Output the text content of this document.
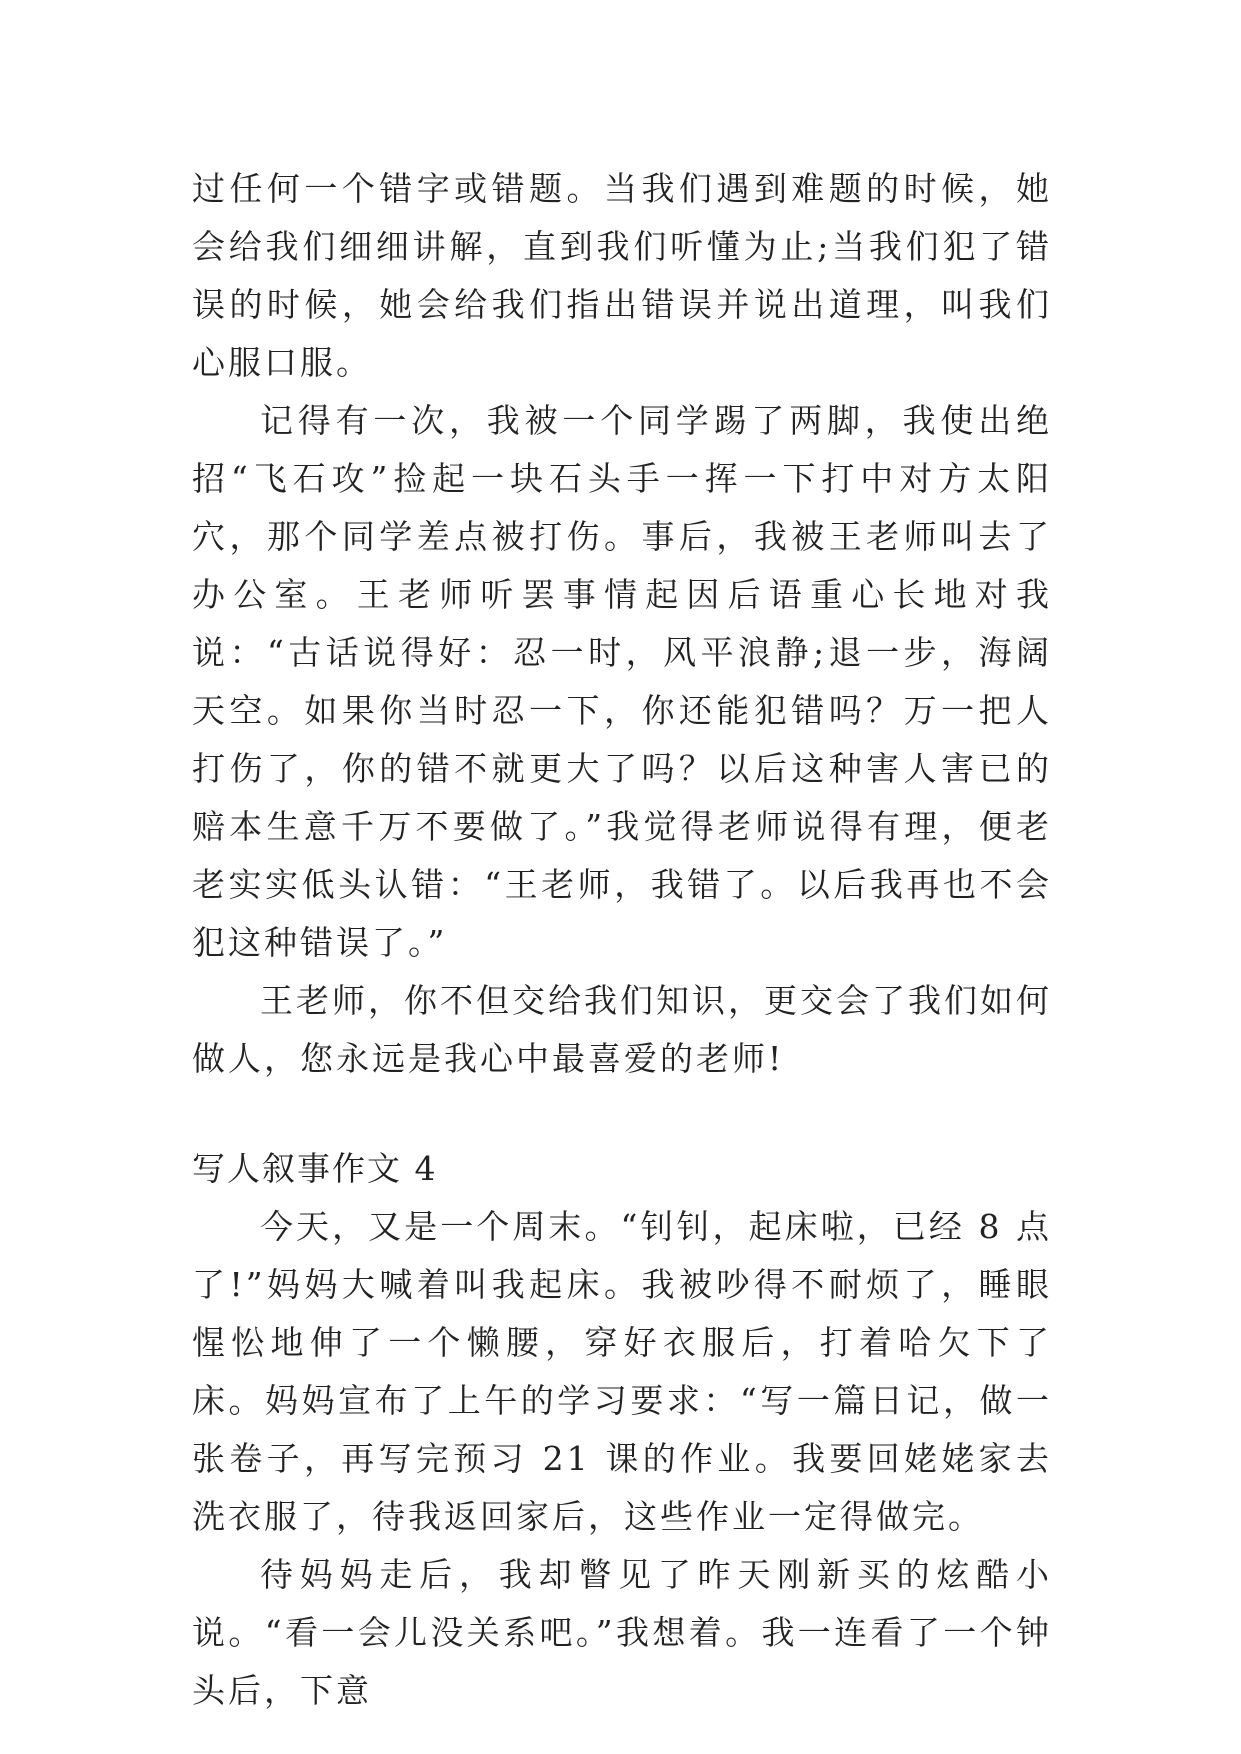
过任何一个错字或错题。当我们遇到难题的时候，她会给我们细细讲解，直到我们听懂为止;当我们犯了错误的时候，她会给我们指出错误并说出道理，叫我们心服口服。

记得有一次，我被一个同学踢了两脚，我使出绝招“飞石攻”捡起一块石头手一挥一下打中对方太阳穴，那个同学差点被打伤。事后，我被王老师叫去了办公室。王老师听罢事情起因后语重心长地对我说：“古话说得好：忍一时，风平浪静;退一步，海阔天空。如果你当时忍一下，你还能犯错吗？万一把人打伤了，你的错不就更大了吗？以后这种害人害已的赔本生意千万不要做了。”我觉得老师说得有理，便老老实实低头认错：“王老师，我错了。以后我再也不会犯这种错误了。”

王老师，你不但交给我们知识，更交会了我们如何做人，您永远是我心中最喜爱的老师!

写人叙事作文 4

今天，又是一个周末。“钊钊，起床啦，已经 8 点了!”妈妈大喊着叫我起床。我被吵得不耐烦了，睡眼惺忪地伸了一个懒腰，穿好衣服后，打着哈欠下了床。妈妈宣布了上午的学习要求：“写一篇日记，做一张卷子，再写完预习 21 课的作业。我要回姥姥家去洗衣服了，待我返回家后，这些作业一定得做完。

待妈妈走后，我却瞥见了昨天刚新买的炫酷小说。“看一会儿没关系吧。”我想着。我一连看了一个钟头后，下意
